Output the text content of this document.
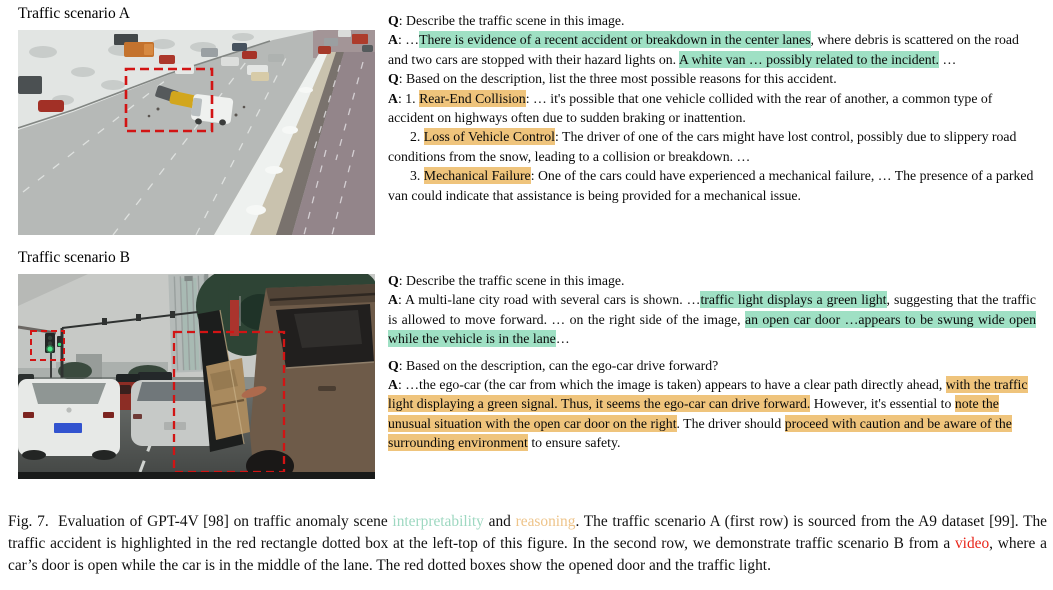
Traffic scenario A	Q: Describe the traffic scene in this image.

A: …There is evidence of a recent accident or breakdown in the center lanes, where debris is scattered on the road and two cars are stopped with their hazard lights on. A white van … possibly related to the incident. …

Q: Based on the description, list the three most possible reasons for this accident.

A: 1. Rear-End Collision: … it's possible that one vehicle collided with the rear of another, a common type of accident on highways often due to sudden braking or inattention.

2. Loss of Vehicle Control: The driver of one of the cars might have lost control, possibly due to slippery road conditions from the snow, leading to a collision or breakdown. …

3. Mechanical Failure: One of the cars could have experienced a mechanical failure, … The presence of a parked van could indicate that assistance is being provided for a mechanical issue.

Traffic scenario B

Q: Describe the traffic scene in this image.

A: A multi-lane city road with several cars is shown. …traffic light displays a green light, suggesting that the traffic is allowed to move forward. … on the right side of the image, an open car door …appears to be swung wide open while the vehicle is in the lane…

Q: Based on the description, can the ego-car drive forward?

A: …the ego-car (the car from which the image is taken) appears to have a clear path directly ahead, with the traffic light displaying a green signal. Thus, it seems the ego-car can drive forward. However, it's essential to note the unusual situation with the open car door on the right. The driver should proceed with caution and be aware of the surrounding environment to ensure safety.

Fig. 7.  Evaluation of GPT-4V [98] on traffic anomaly scene interpretability and reasoning. The traffic scenario A (first row) is sourced from the A9 dataset [99]. The traffic accident is highlighted in the red rectangle dotted box at the left-top of this figure. In the second row, we demonstrate traffic scenario B from a video, where a car’s door is open while the car is in the middle of the lane. The red dotted boxes show the opened door and the traffic light.
